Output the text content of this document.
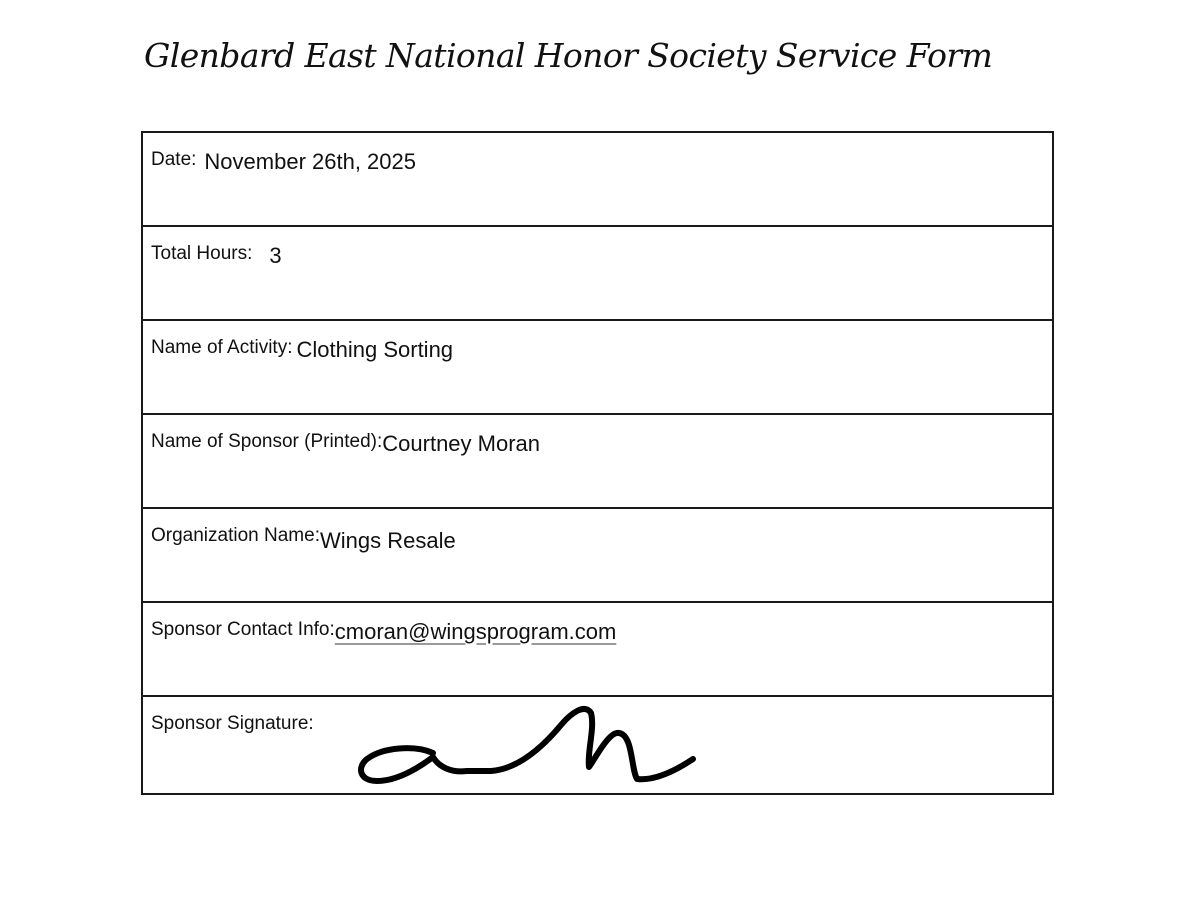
Glenbard East National Honor Society Service Form
Date: November 26th, 2025
Total Hours: 3
Name of Activity: Clothing Sorting
Name of Sponsor (Printed): Courtney Moran
Organization Name: Wings Resale
Sponsor Contact Info: cmoran@wingsprogram.com
Sponsor Signature:
